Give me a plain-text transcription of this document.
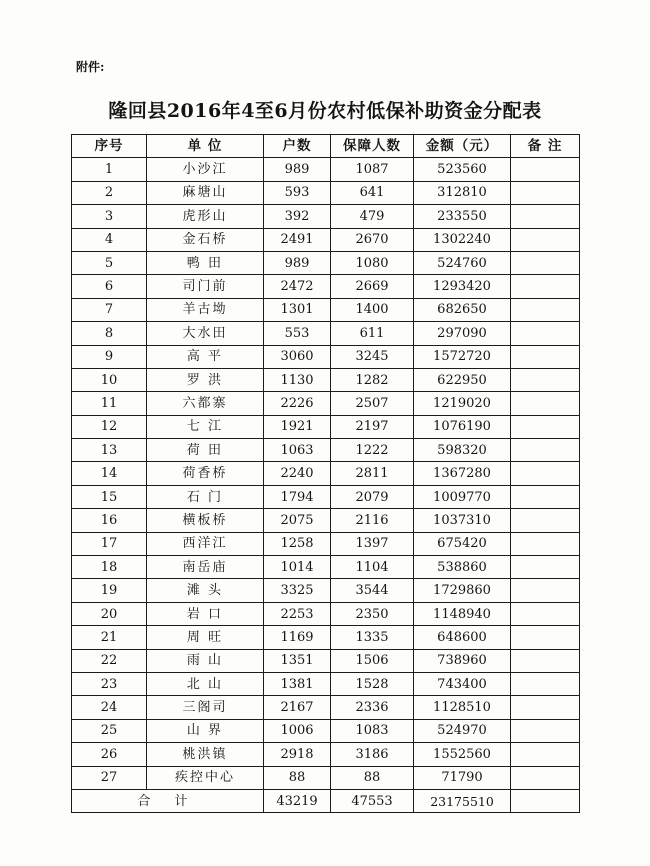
附件:
隆回县2016年4至6月份农村低保补助资金分配表
序号	单 位	户数	保障人数	金额（元）	备 注
1	小沙江	989	1087	523560	
2	麻塘山	593	641	312810	
3	虎形山	392	479	233550	
4	金石桥	2491	2670	1302240	
5	鸭 田	989	1080	524760	
6	司门前	2472	2669	1293420	
7	羊古坳	1301	1400	682650	
8	大水田	553	611	297090	
9	高 平	3060	3245	1572720	
10	罗 洪	1130	1282	622950	
11	六都寨	2226	2507	1219020	
12	七 江	1921	2197	1076190	
13	荷 田	1063	1222	598320	
14	荷香桥	2240	2811	1367280	
15	石 门	1794	2079	1009770	
16	横板桥	2075	2116	1037310	
17	西洋江	1258	1397	675420	
18	南岳庙	1014	1104	538860	
19	滩 头	3325	3544	1729860	
20	岩 口	2253	2350	1148940	
21	周 旺	1169	1335	648600	
22	雨 山	1351	1506	738960	
23	北 山	1381	1528	743400	
24	三阁司	2167	2336	1128510	
25	山 界	1006	1083	524970	
26	桃洪镇	2918	3186	1552560	
27	疾控中心	88	88	71790	
合 计		43219	47553	23175510	
